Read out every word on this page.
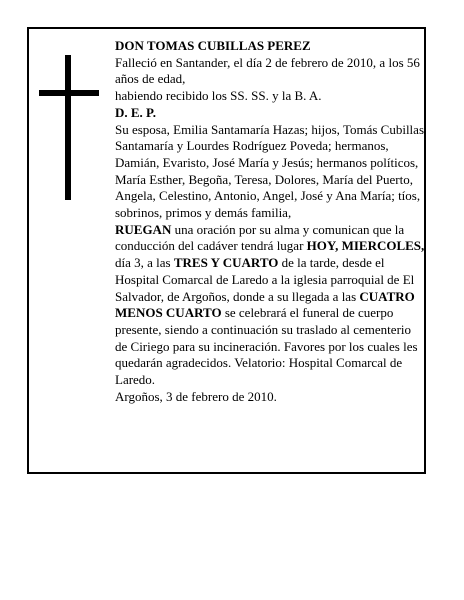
DON TOMAS CUBILLAS PEREZ

Falleció en Santander, el día 2 de febrero de 2010, a los 56 años de edad,

habiendo recibido los SS. SS. y la B. A.

D. E. P.

Su esposa, Emilia Santamaría Hazas; hijos, Tomás Cubillas Santamaría y Lourdes Rodríguez Poveda; hermanos, Damián, Evaristo, José María y Jesús; hermanos políticos, María Esther, Begoña, Teresa, Dolores, María del Puerto, Angela, Celestino, Antonio, Angel, José y Ana María; tíos, sobrinos, primos y demás familia,

RUEGAN una oración por su alma y comunican que la conducción del cadáver tendrá lugar HOY, MIERCOLES, día 3, a las TRES Y CUARTO de la tarde, desde el Hospital Comarcal de Laredo a la iglesia parroquial de El Salvador, de Argoños, donde a su llegada a las CUATRO MENOS CUARTO se celebrará el funeral de cuerpo presente, siendo a continuación su traslado al cementerio de Ciriego para su incineración. Favores por los cuales les quedarán agradecidos. Velatorio: Hospital Comarcal de Laredo.

Argoños, 3 de febrero de 2010.
